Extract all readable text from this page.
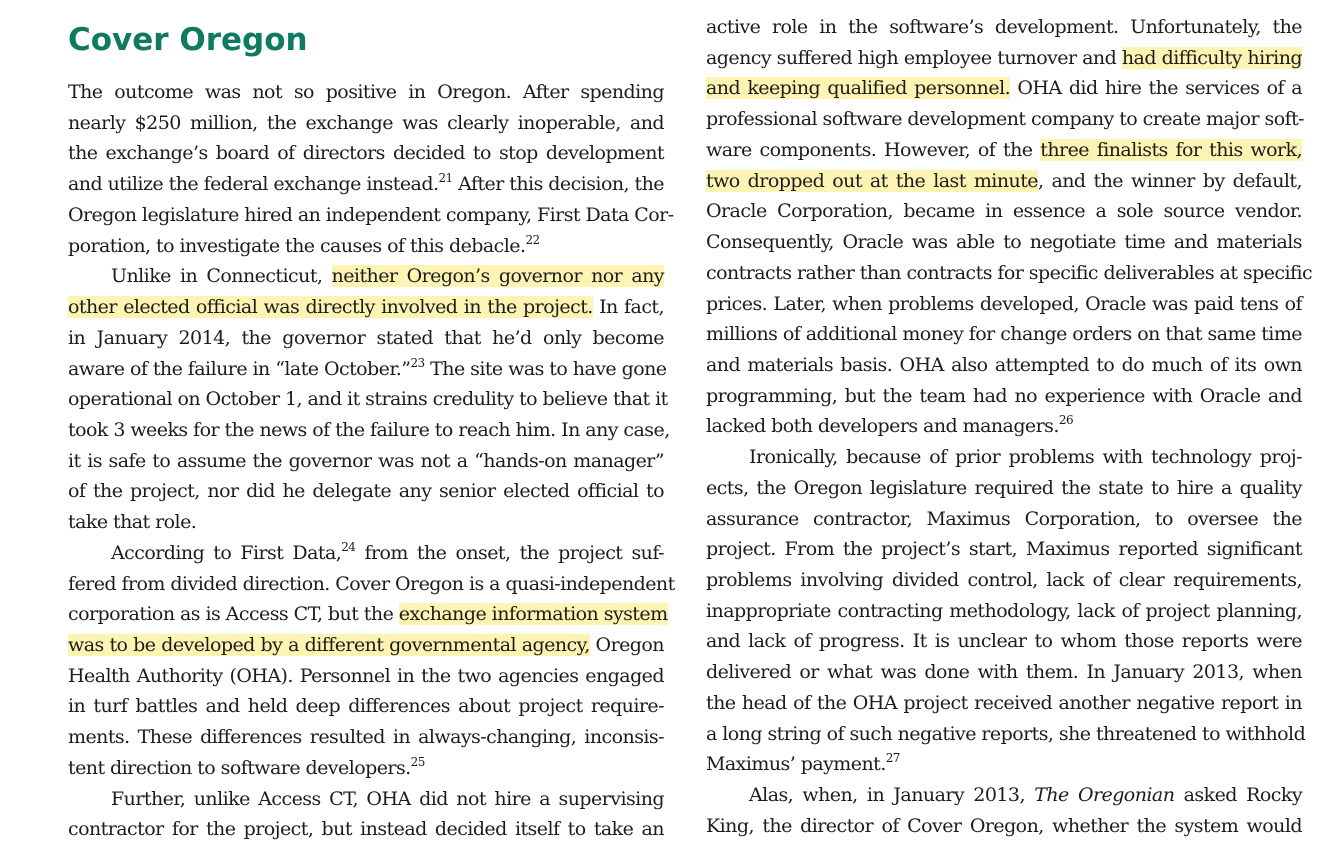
Cover Oregon
The outcome was not so positive in Oregon. After spending
nearly $250 million, the exchange was clearly inoperable, and
the exchange’s board of directors decided to stop development
and utilize the federal exchange instead.$^{21}$ After this decision, the
Oregon legislature hired an independent company, First Data Cor-
poration, to investigate the causes of this debacle.$^{22}$
Unlike in Connecticut, neither Oregon’s governor nor any
other elected official was directly involved in the project. In fact,
in January 2014, the governor stated that he’d only become
aware of the failure in “late October.”$^{23}$ The site was to have gone
operational on October 1, and it strains credulity to believe that it
took 3 weeks for the news of the failure to reach him. In any case,
it is safe to assume the governor was not a “hands-on manager”
of the project, nor did he delegate any senior elected official to
take that role.
According to First Data,$^{24}$ from the onset, the project suf-
fered from divided direction. Cover Oregon is a quasi-independent
corporation as is Access CT, but the exchange information system
was to be developed by a different governmental agency, Oregon
Health Authority (OHA). Personnel in the two agencies engaged
in turf battles and held deep differences about project require-
ments. These differences resulted in always-changing, inconsis-
tent direction to software developers.$^{25}$
Further, unlike Access CT, OHA did not hire a supervising
contractor for the project, but instead decided itself to take an
active role in the software’s development. Unfortunately, the
agency suffered high employee turnover and had difficulty hiring
and keeping qualified personnel. OHA did hire the services of a
professional software development company to create major soft-
ware components. However, of the three finalists for this work,
two dropped out at the last minute, and the winner by default,
Oracle Corporation, became in essence a sole source vendor.
Consequently, Oracle was able to negotiate time and materials
contracts rather than contracts for specific deliverables at specific
prices. Later, when problems developed, Oracle was paid tens of
millions of additional money for change orders on that same time
and materials basis. OHA also attempted to do much of its own
programming, but the team had no experience with Oracle and
lacked both developers and managers.$^{26}$
Ironically, because of prior problems with technology proj-
ects, the Oregon legislature required the state to hire a quality
assurance contractor, Maximus Corporation, to oversee the
project. From the project’s start, Maximus reported significant
problems involving divided control, lack of clear requirements,
inappropriate contracting methodology, lack of project planning,
and lack of progress. It is unclear to whom those reports were
delivered or what was done with them. In January 2013, when
the head of the OHA project received another negative report in
a long string of such negative reports, she threatened to withhold
Maximus’ payment.$^{27}$
Alas, when, in January 2013, The Oregonian asked Rocky
King, the director of Cover Oregon, whether the system would
